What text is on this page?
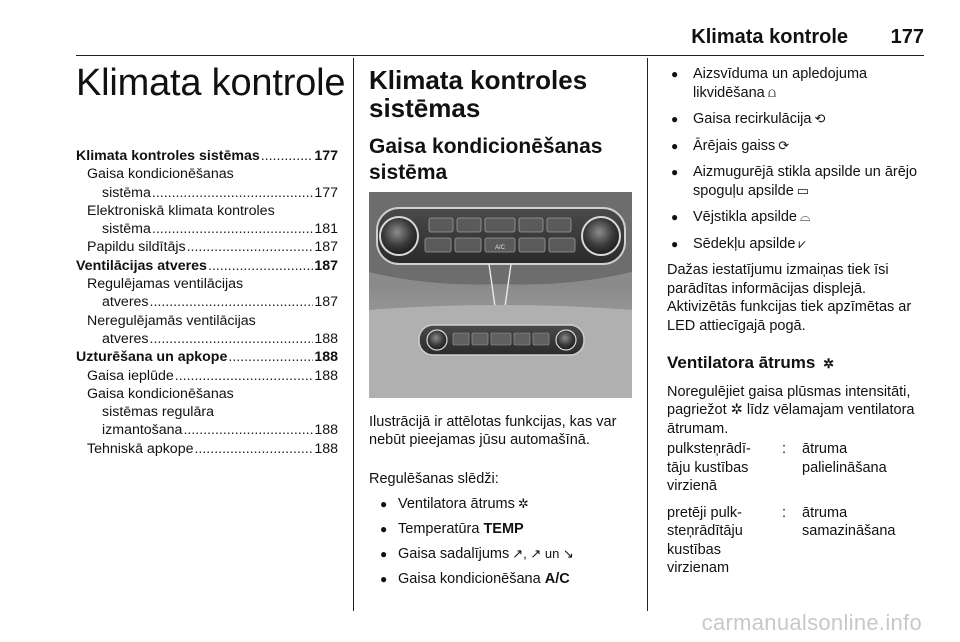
Klimata kontrole 177
Klimata kontrole
Klimata kontroles sistēmas .....	177
Gaisa kondicionēšanas
sistēma .....	177
Elektroniskā klimata kontroles
sistēma .....	181
Papildu sildītājs .....	187
Ventilācijas atveres .....	187
Regulējamas ventilācijas
atveres .....	187
Neregulējamās ventilācijas
atveres .....	188
Uzturēšana un apkope .....	188
Gaisa ieplūde .....	188
Gaisa kondicionēšanas
sistēmas regulāra
izmantošana .....	188
Tehniskā apkope .....	188
Klimata kontroles sistēmas
Gaisa kondicionēšanas sistēma
A/C
Ilustrācijā ir attēlotas funkcijas, kas var nebūt pieejamas jūsu automašīnā.
Regulēšanas slēdži:
● Ventilatora ātrums ✲
● Temperatūra
TEMP
● Gaisa sadalījums ↗, ↗ un ↘
● Gaisa kondicionēšana
A/C
●	Aizsvīduma un apledojuma likvidēšana ⩍
●	Gaisa recirkulācija ⟲
●	Ārējais gaiss ⟳
●	Aizmugurējā stikla apsilde un ārējo spoguļu apsilde ▭
●	Vējstikla apsilde ⌓
●	Sēdekļu apsilde ⩗

Dažas iestatījumu izmaiņas tiek īsi parādītas informācijas displejā. Aktivizētās funkcijas tiek apzīmētas ar LED attiecīgajā pogā.

Ventilatora ātrums ✲

Noregulējiet gaisa plūsmas intensitāti, pagriežot ✲ līdz vēlamajam ventilatora ātrumam.

pulksteņrādī-
tāju kustības
virzienā
:	ātruma
palielināšana
pretēji pulk-
steņrādītāju
kustības
virzienam
:	ātruma
samazināšana
carmanualsonline.info
